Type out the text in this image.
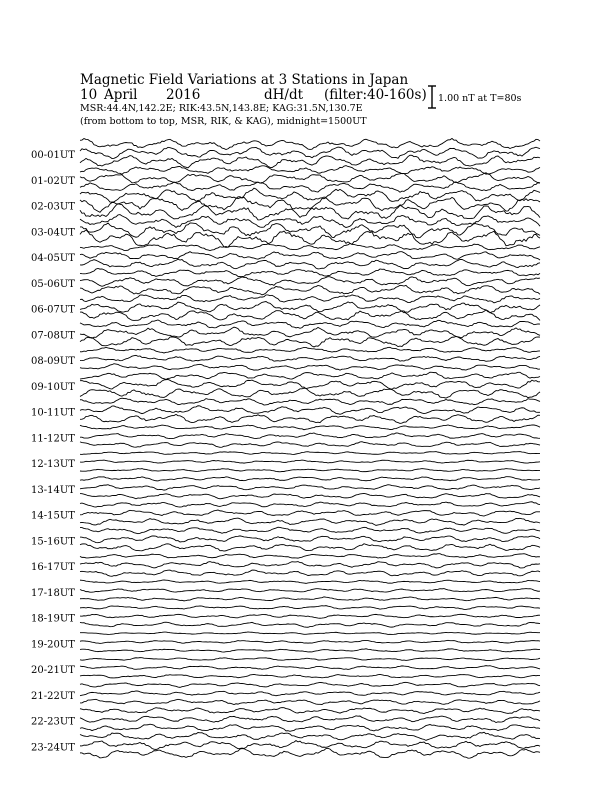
Magnetic Field Variations at 3 Stations in Japan
10 April 2016	dH/dt (filter:40-160s)
MSR:44.4N,142.2E; RIK:43.5N,143.8E; KAG:31.5N,130.7E
(from bottom to top, MSR, RIK, & KAG), midnight=1500UT
1.00 nT at T=80s
00-01UT
01-02UT
02-03UT
03-04UT
04-05UT
05-06UT
06-07UT
07-08UT
08-09UT
09-10UT
10-11UT
11-12UT
12-13UT
13-14UT
14-15UT
15-16UT
16-17UT
17-18UT
18-19UT
19-20UT
20-21UT
21-22UT
22-23UT
23-24UT
